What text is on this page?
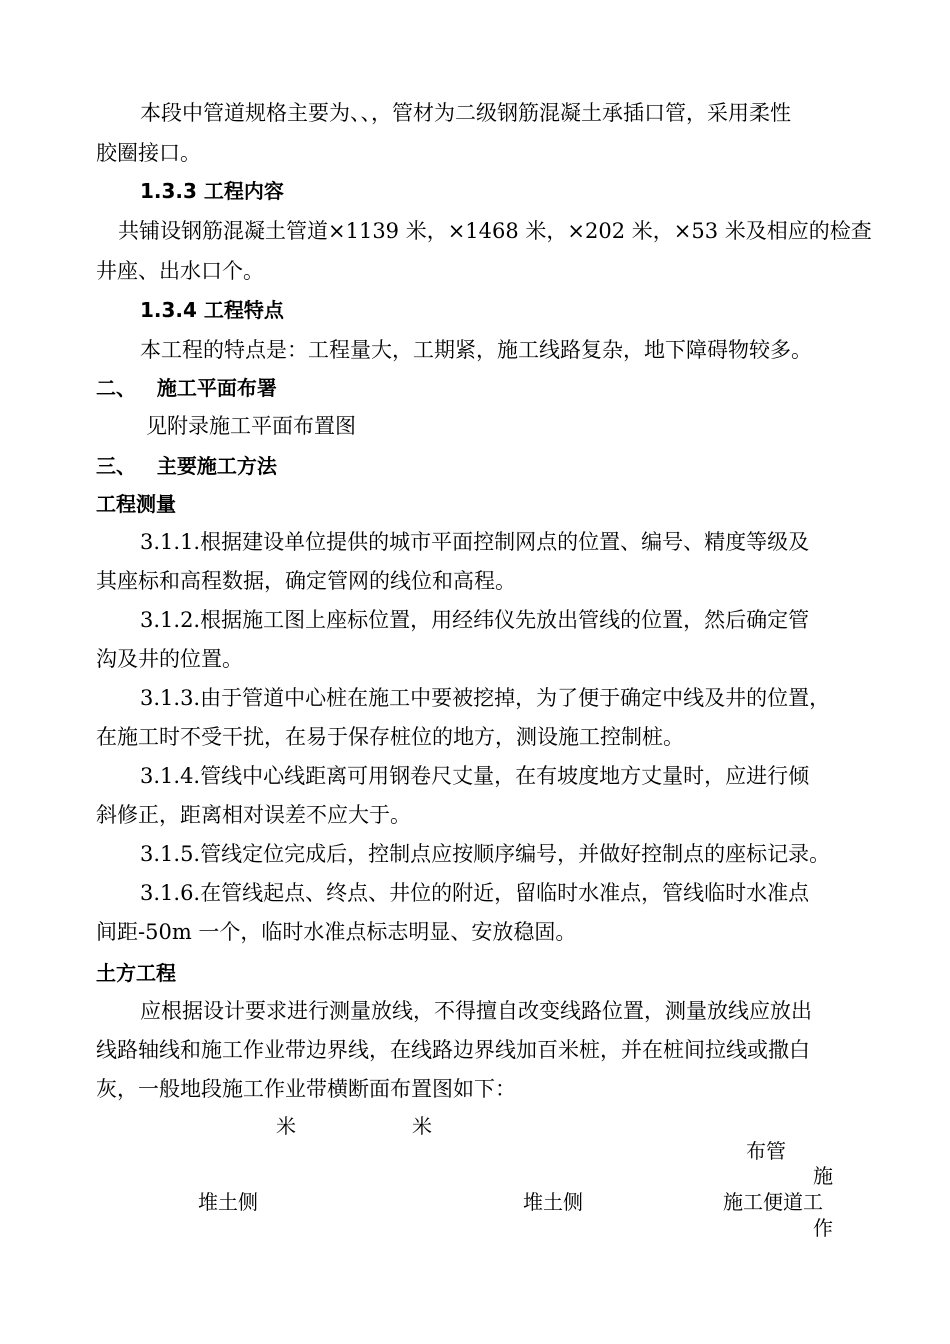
本段中管道规格主要为、、，管材为二级钢筋混凝土承插口管，采用柔性
胶圈接口。
1.3.3 工程内容
共铺设钢筋混凝土管道×1139 米，×1468 米，×202 米，×53 米及相应的检查
井座、出水口个。
1.3.4 工程特点
本工程的特点是：工程量大，工期紧，施工线路复杂，地下障碍物较多。
二、   施工平面布署
见附录施工平面布置图
三、   主要施工方法
工程测量
3.1.1.根据建设单位提供的城市平面控制网点的位置、编号、精度等级及
其座标和高程数据，确定管网的线位和高程。
3.1.2.根据施工图上座标位置，用经纬仪先放出管线的位置，然后确定管
沟及井的位置。
3.1.3.由于管道中心桩在施工中要被挖掉，为了便于确定中线及井的位置，
在施工时不受干扰，在易于保存桩位的地方，测设施工控制桩。
3.1.4.管线中心线距离可用钢卷尺丈量，在有坡度地方丈量时，应进行倾
斜修正，距离相对误差不应大于。
3.1.5.管线定位完成后，控制点应按顺序编号，并做好控制点的座标记录。
3.1.6.在管线起点、终点、井位的附近，留临时水准点，管线临时水准点
间距-50m 一个，临时水准点标志明显、安放稳固。
土方工程
应根据设计要求进行测量放线，不得擅自改变线路位置，测量放线应放出
线路轴线和施工作业带边界线，在线路边界线加百米桩，并在桩间拉线或撒白
灰，一般地段施工作业带横断面布置图如下：
米	米
布管
施
堆土侧	堆土侧	施工便道工
作
